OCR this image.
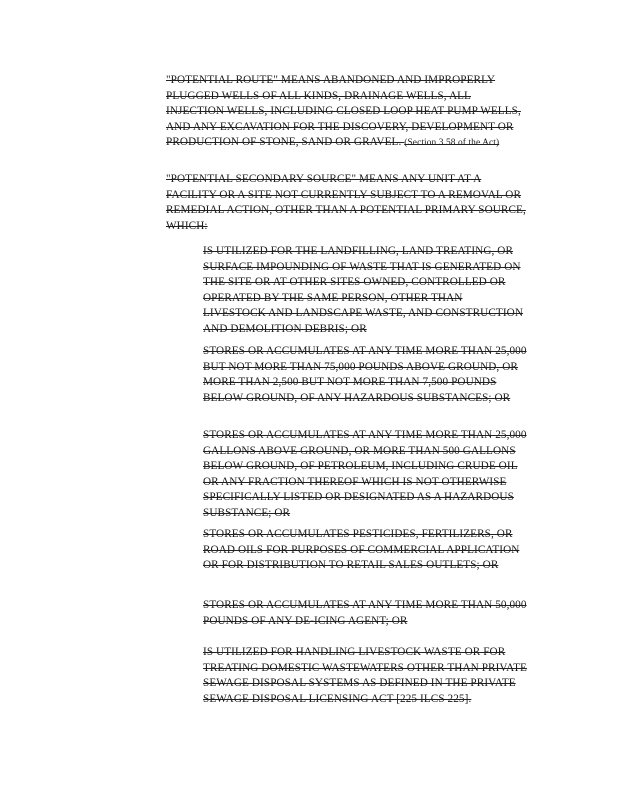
"POTENTIAL ROUTE" MEANS ABANDONED AND IMPROPERLY PLUGGED WELLS OF ALL KINDS, DRAINAGE WELLS, ALL INJECTION WELLS, INCLUDING CLOSED LOOP HEAT PUMP WELLS, AND ANY EXCAVATION FOR THE DISCOVERY, DEVELOPMENT OR PRODUCTION OF STONE, SAND OR GRAVEL. (Section 3.58 of the Act)
"POTENTIAL SECONDARY SOURCE" MEANS ANY UNIT AT A FACILITY OR A SITE NOT CURRENTLY SUBJECT TO A REMOVAL OR REMEDIAL ACTION, OTHER THAN A POTENTIAL PRIMARY SOURCE, WHICH:
IS UTILIZED FOR THE LANDFILLING, LAND TREATING, OR SURFACE IMPOUNDING OF WASTE THAT IS GENERATED ON THE SITE OR AT OTHER SITES OWNED, CONTROLLED OR OPERATED BY THE SAME PERSON, OTHER THAN LIVESTOCK AND LANDSCAPE WASTE, AND CONSTRUCTION AND DEMOLITION DEBRIS; OR
STORES OR ACCUMULATES AT ANY TIME MORE THAN 25,000 BUT NOT MORE THAN 75,000 POUNDS ABOVE GROUND, OR MORE THAN 2,500 BUT NOT MORE THAN 7,500 POUNDS BELOW GROUND, OF ANY HAZARDOUS SUBSTANCES; OR
STORES OR ACCUMULATES AT ANY TIME MORE THAN 25,000 GALLONS ABOVE GROUND, OR MORE THAN 500 GALLONS BELOW GROUND, OF PETROLEUM, INCLUDING CRUDE OIL OR ANY FRACTION THEREOF WHICH IS NOT OTHERWISE SPECIFICALLY LISTED OR DESIGNATED AS A HAZARDOUS SUBSTANCE; OR
STORES OR ACCUMULATES PESTICIDES, FERTILIZERS, OR ROAD OILS FOR PURPOSES OF COMMERCIAL APPLICATION OR FOR DISTRIBUTION TO RETAIL SALES OUTLETS; OR
STORES OR ACCUMULATES AT ANY TIME MORE THAN 50,000 POUNDS OF ANY DE-ICING AGENT; OR
IS UTILIZED FOR HANDLING LIVESTOCK WASTE OR FOR TREATING DOMESTIC WASTEWATERS OTHER THAN PRIVATE SEWAGE DISPOSAL SYSTEMS AS DEFINED IN THE PRIVATE SEWAGE DISPOSAL LICENSING ACT [225 ILCS 225].
